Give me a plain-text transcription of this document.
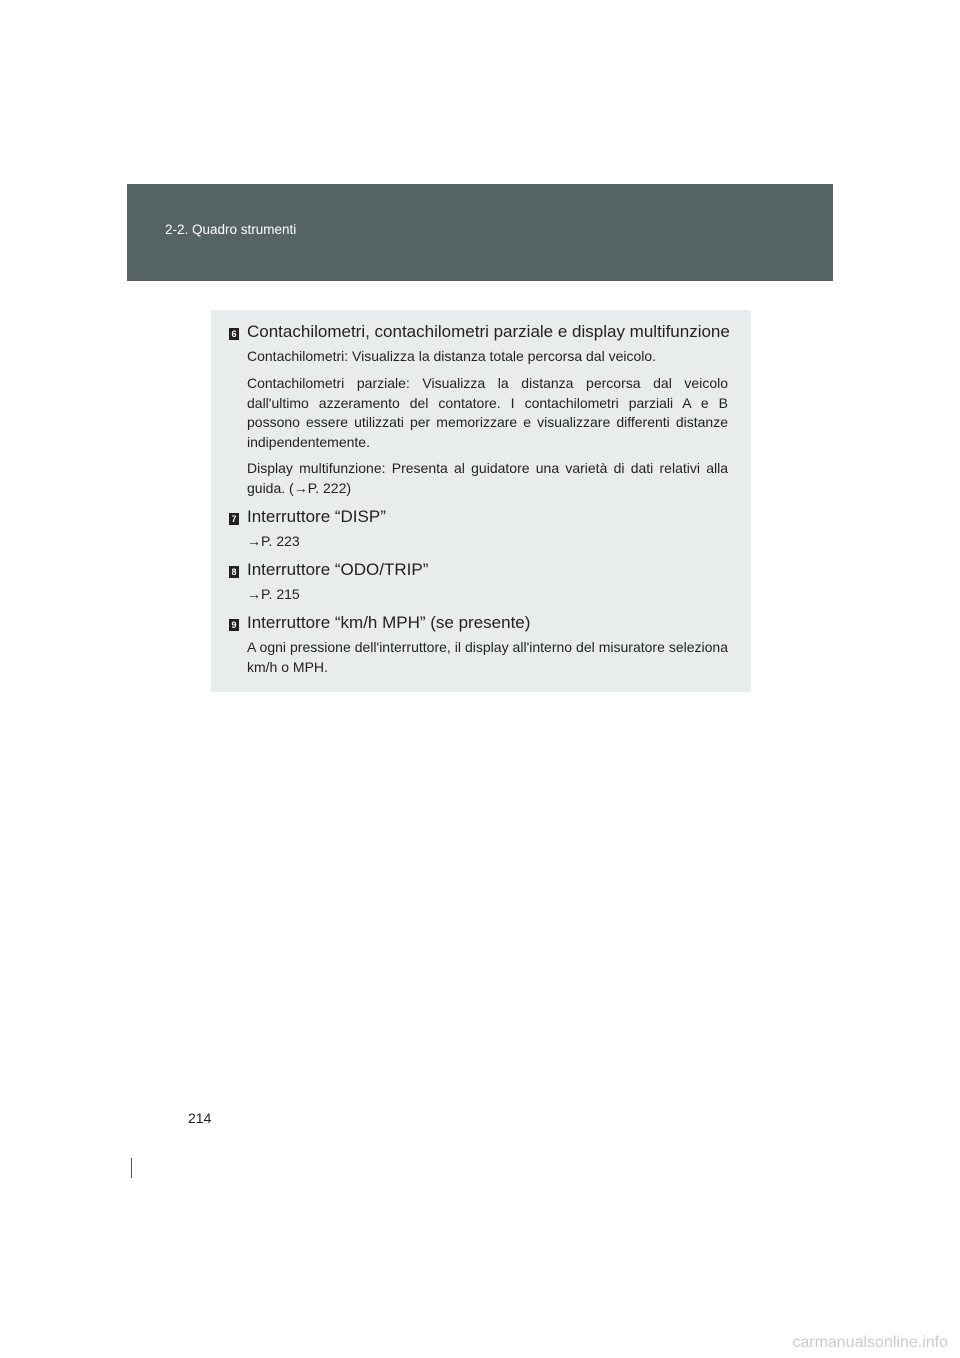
2-2. Quadro strumenti
6 Contachilometri, contachilometri parziale e display multifunzione
Contachilometri: Visualizza la distanza totale percorsa dal veicolo.
Contachilometri parziale: Visualizza la distanza percorsa dal veicolo dall'ultimo azzeramento del contatore. I contachilometri parziali A e B possono essere utilizzati per memorizzare e visualizzare differenti distanze indipendentemente.
Display multifunzione: Presenta al guidatore una varietà di dati relativi alla guida. (→P. 222)
7 Interruttore “DISP”
→P. 223
8 Interruttore “ODO/TRIP”
→P. 215
9 Interruttore “km/h MPH” (se presente)
A ogni pressione dell'interruttore, il display all'interno del misuratore seleziona km/h o MPH.
214
carmanualsonline.info
